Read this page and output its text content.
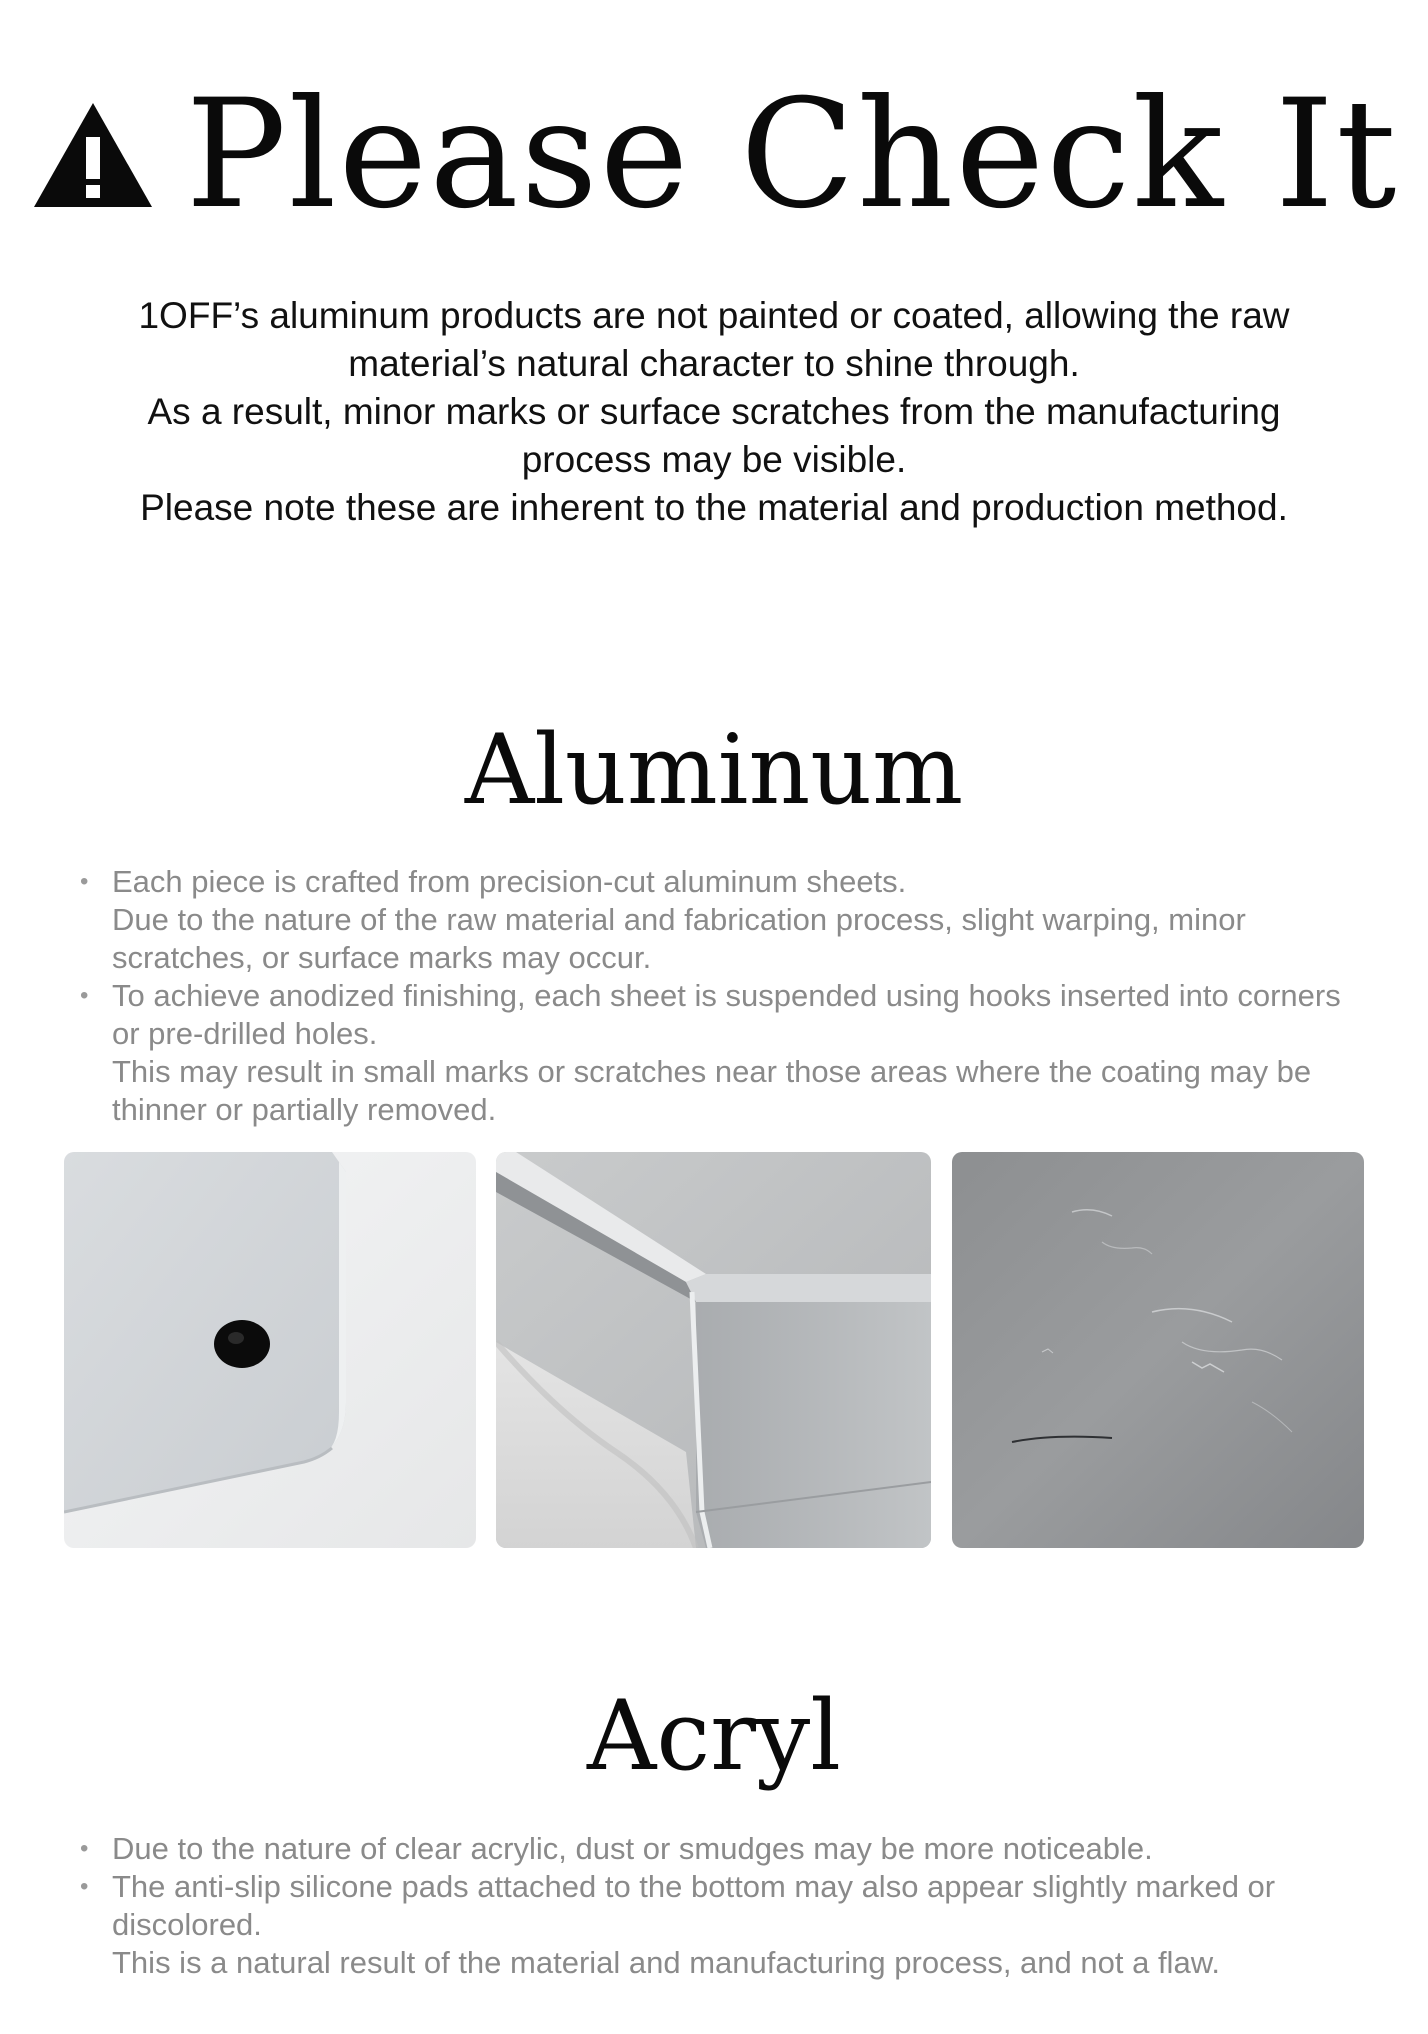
Please Check It

1OFF’s aluminum products are not painted or coated, allowing the raw material’s natural character to shine through.

As a result, minor marks or surface scratches from the manufacturing process may be visible.

Please note these are inherent to the material and production method.

Aluminum
• Each piece is crafted from precision-cut aluminum sheets.
Due to the nature of the raw material and fabrication process, slight warping, minor scratches, or surface marks may occur.
• To achieve anodized finishing, each sheet is suspended using hooks inserted into corners or pre-drilled holes.
This may result in small marks or scratches near those areas where the coating may be thinner or partially removed.
Acryl
• Due to the nature of clear acrylic, dust or smudges may be more noticeable.
• The anti-slip silicone pads attached to the bottom may also appear slightly marked or discolored.
This is a natural result of the material and manufacturing process, and not a flaw.
